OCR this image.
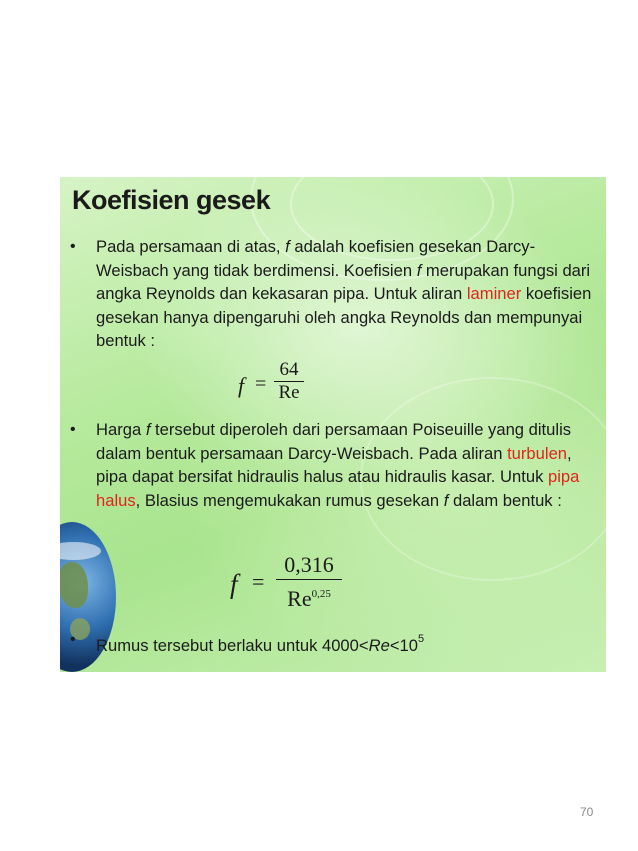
Koefisien gesek
• Pada persamaan di atas, f adalah koefisien gesekan Darcy-Weisbach yang tidak berdimensi. Koefisien f merupakan fungsi dari angka Reynolds dan kekasaran pipa. Untuk aliran laminer koefisien gesekan hanya dipengaruhi oleh angka Reynolds dan mempunyai bentuk :
f =
64
Re
• Harga f tersebut diperoleh dari persamaan Poiseuille yang ditulis dalam bentuk persamaan Darcy-Weisbach. Pada aliran turbulen, pipa dapat bersifat hidraulis halus atau hidraulis kasar. Untuk pipa halus, Blasius mengemukakan rumus gesekan f dalam bentuk :
f =
0,316
Re$^{0,25}$
• Rumus tersebut berlaku untuk $4000<Re<10^5$
70
